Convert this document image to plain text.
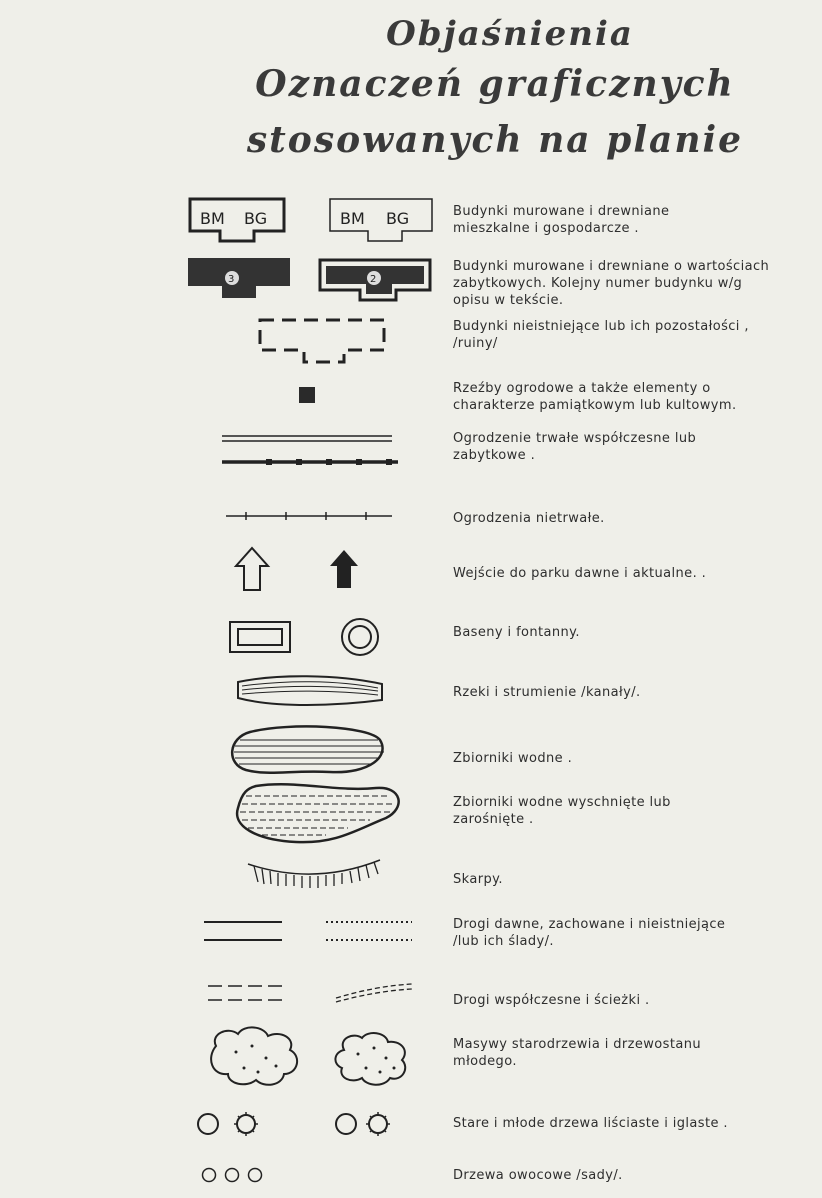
Objaśnienia
Oznaczeń graficznych
stosowanych na planie
BM BG	BM BG	Budynki murowane i drewniane
mieszkalne i gospodarcze .
3	2
Budynki murowane i drewniane o wartościach
zabytkowych. Kolejny numer budynku w/g
opisu w tekście.
Budynki nieistniejące lub ich pozostałości ,
/ruiny/
Rzeźby ogrodowe a także elementy o
charakterze pamiątkowym lub kultowym.
Ogrodzenie trwałe współczesne lub
zabytkowe .
Ogrodzenia nietrwałe.
Wejście do parku dawne i aktualne. .
Baseny i fontanny.
Rzeki i strumienie /kanały/.
Zbiorniki wodne .
Zbiorniki wodne wyschnięte lub
zarośnięte .
Skarpy.
Drogi dawne, zachowane i nieistniejące
/lub ich ślady/.
Drogi współczesne i ścieżki .
Masywy starodrzewia i drzewostanu
młodego.
Stare i młode drzewa liściaste i iglaste .
Drzewa owocowe /sady/.
